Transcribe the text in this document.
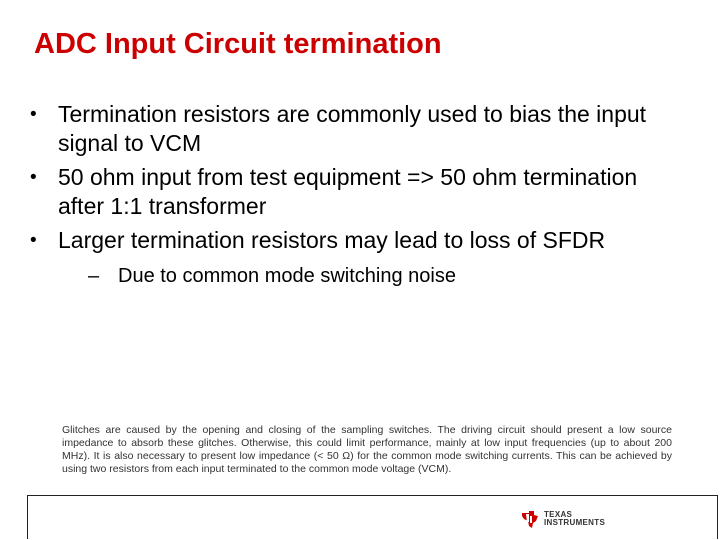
ADC Input Circuit termination
• Termination resistors are commonly used to bias the input signal to VCM
• 50 ohm input from test equipment => 50 ohm termination after 1:1 transformer
• Larger termination resistors may lead to loss of SFDR
– Due to common mode switching noise
Glitches are caused by the opening and closing of the sampling switches. The driving circuit should present a low source impedance to absorb these glitches. Otherwise, this could limit performance, mainly at low input frequencies (up to about 200 MHz). It is also necessary to present low impedance (< 50 Ω) for the common mode switching currents. This can be achieved by using two resistors from each input terminated to the common mode voltage (VCM).
TEXAS
INSTRUMENTS
